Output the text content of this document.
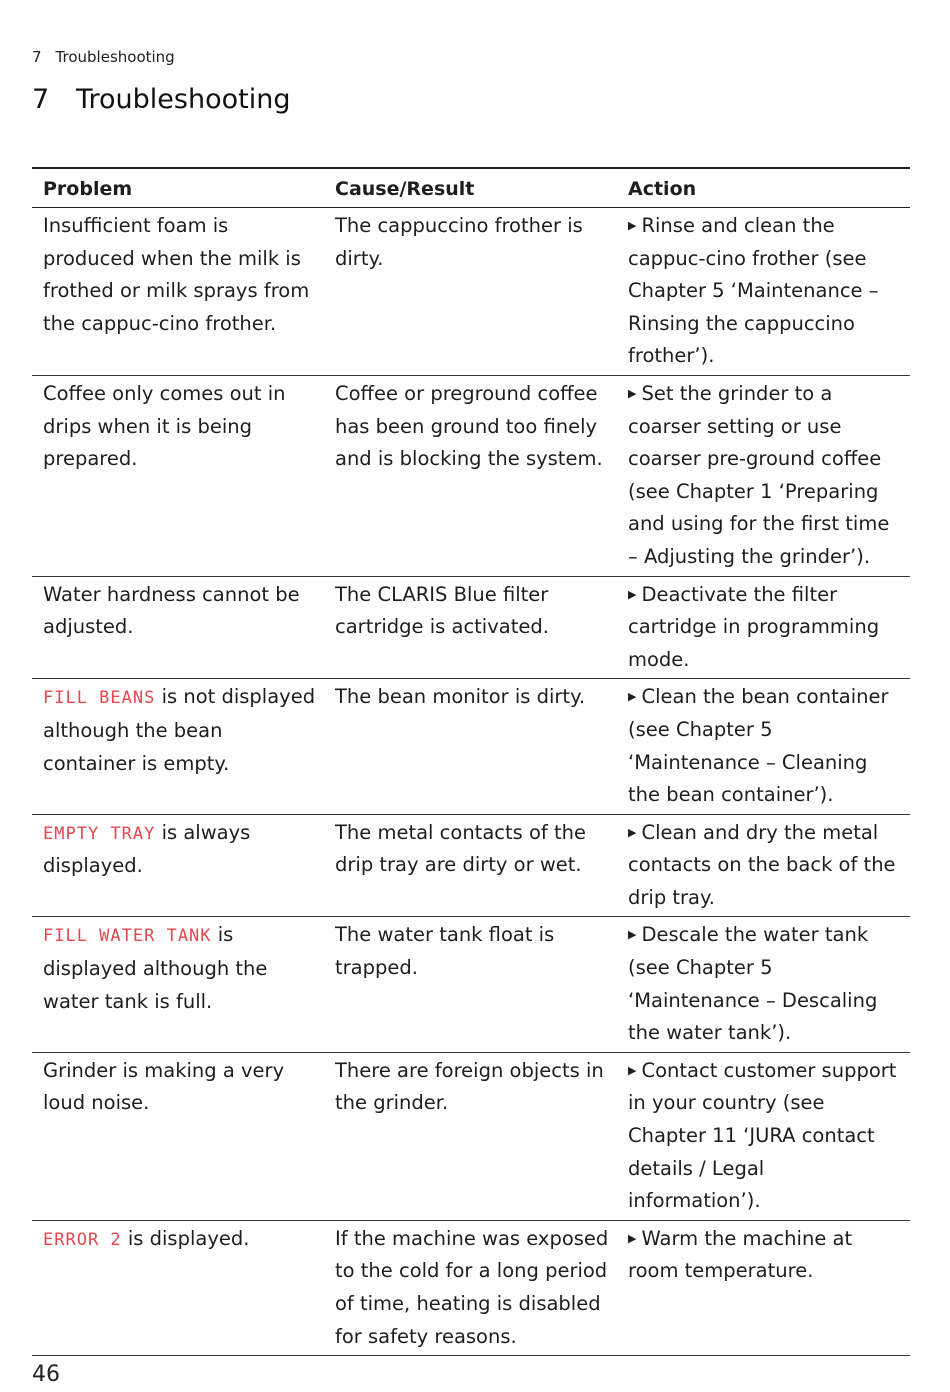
7 Troubleshooting
7 Troubleshooting
Problem	Cause/Result	Action
Insufficient foam is produced when the milk is frothed or milk sprays from the cappuc-cino frother.	The cappuccino frother is dirty.	▶ Rinse and clean the cappuc-cino frother (see Chapter 5 ‘Maintenance – Rinsing the cappuccino frother’).
Coffee only comes out in drips when it is being prepared.	Coffee or preground coffee has been ground too finely and is blocking the system.	▶ Set the grinder to a coarser setting or use coarser pre-ground coffee (see Chapter 1 ‘Preparing and using for the first time – Adjusting the grinder’).
Water hardness cannot be adjusted.	The CLARIS Blue filter cartridge is activated.	▶ Deactivate the filter cartridge in programming mode.
FILL BEANS is not displayed although the bean container is empty.	The bean monitor is dirty.	▶ Clean the bean container (see Chapter 5 ‘Maintenance – Cleaning the bean container’).
EMPTY TRAY is always displayed.	The metal contacts of the drip tray are dirty or wet.	▶ Clean and dry the metal contacts on the back of the drip tray.
FILL WATER TANK is displayed although the water tank is full.	The water tank float is trapped.	▶ Descale the water tank (see Chapter 5 ‘Maintenance – Descaling the water tank’).
Grinder is making a very loud noise.	There are foreign objects in the grinder.	▶ Contact customer support in your country (see Chapter 11 ‘JURA contact details / Legal information’).
ERROR 2 is displayed.	If the machine was exposed to the cold for a long period of time, heating is disabled for safety reasons.	▶ Warm the machine at room temperature.
46
